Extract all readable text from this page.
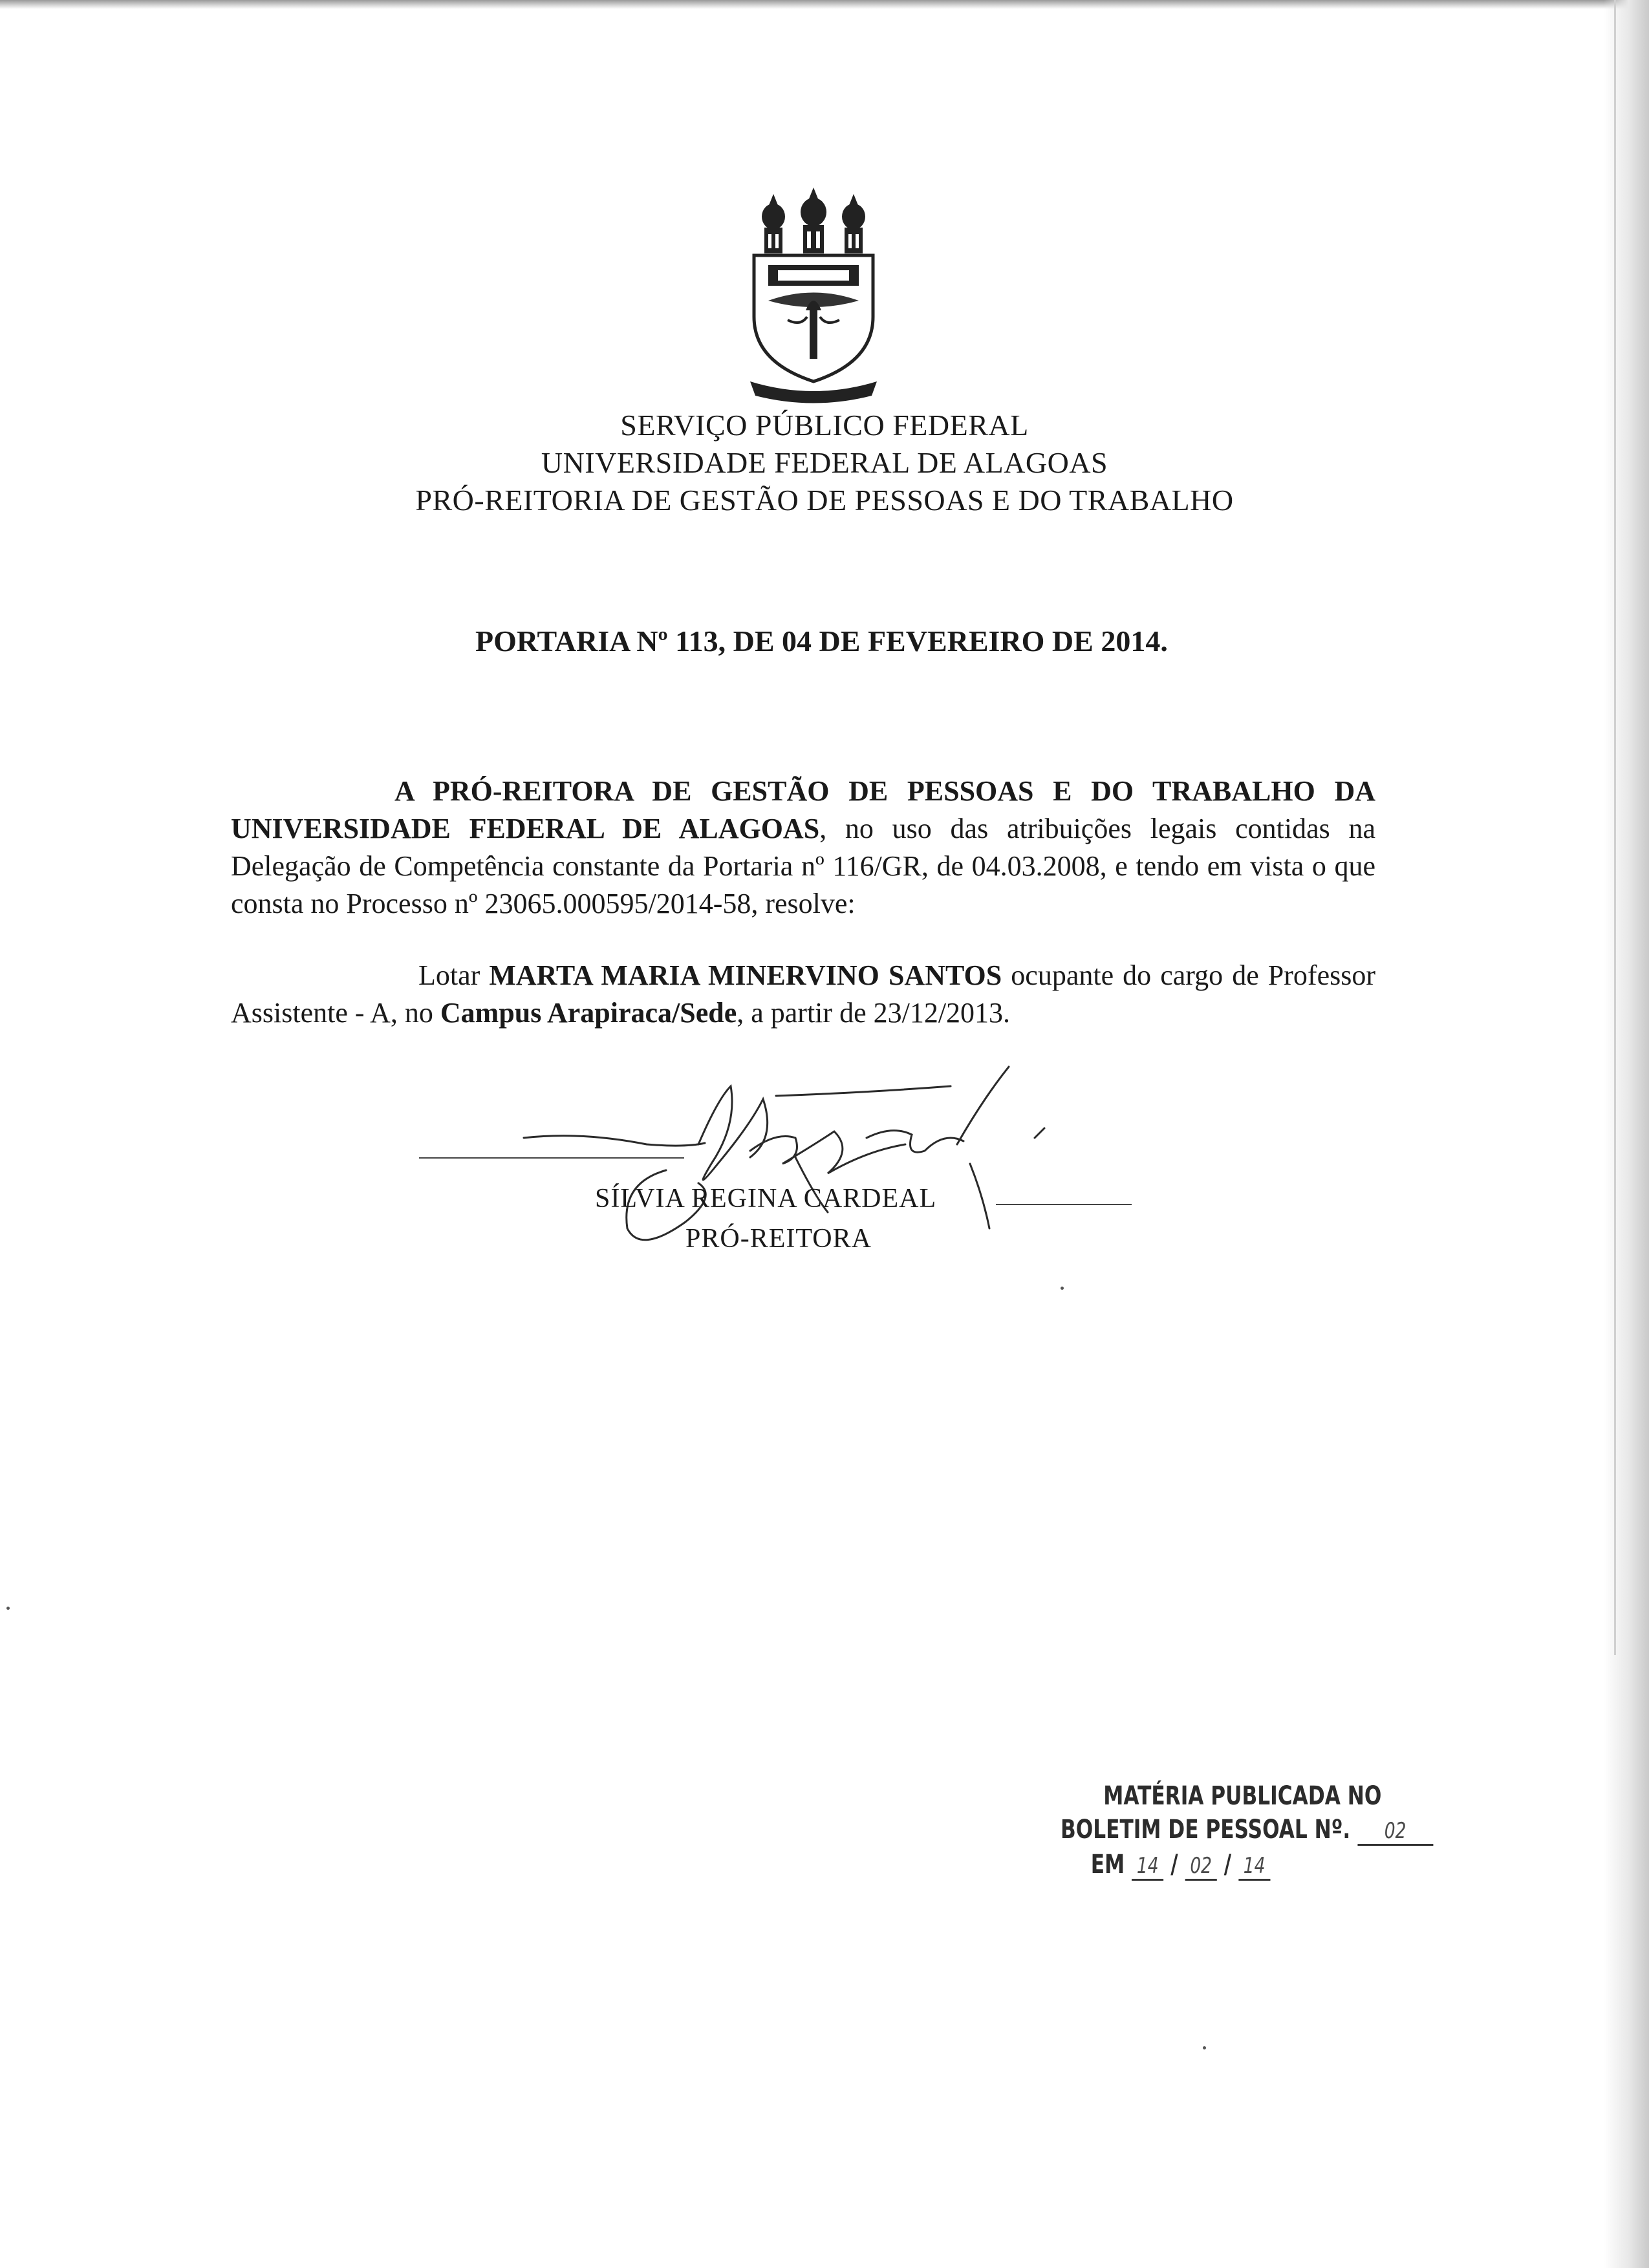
SERVIÇO PÚBLICO FEDERAL
UNIVERSIDADE FEDERAL DE ALAGOAS
PRÓ-REITORIA DE GESTÃO DE PESSOAS E DO TRABALHO
PORTARIA Nº 113, DE 04 DE FEVEREIRO DE 2014.
A PRÓ-REITORA DE GESTÃO DE PESSOAS E DO TRABALHO DA UNIVERSIDADE FEDERAL DE ALAGOAS, no uso das atribuições legais contidas na Delegação de Competência constante da Portaria nº 116/GR, de 04.03.2008, e tendo em vista o que consta no Processo nº 23065.000595/2014-58, resolve:
Lotar MARTA MARIA MINERVINO SANTOS ocupante do cargo de Professor Assistente - A, no Campus Arapiraca/Sede, a partir de 23/12/2013.
SÍLVIA REGINA CARDEAL
PRÓ-REITORA
MATÉRIA PUBLICADA NO
BOLETIM DE PESSOAL Nº. 02
EM 14 / 02 / 14
